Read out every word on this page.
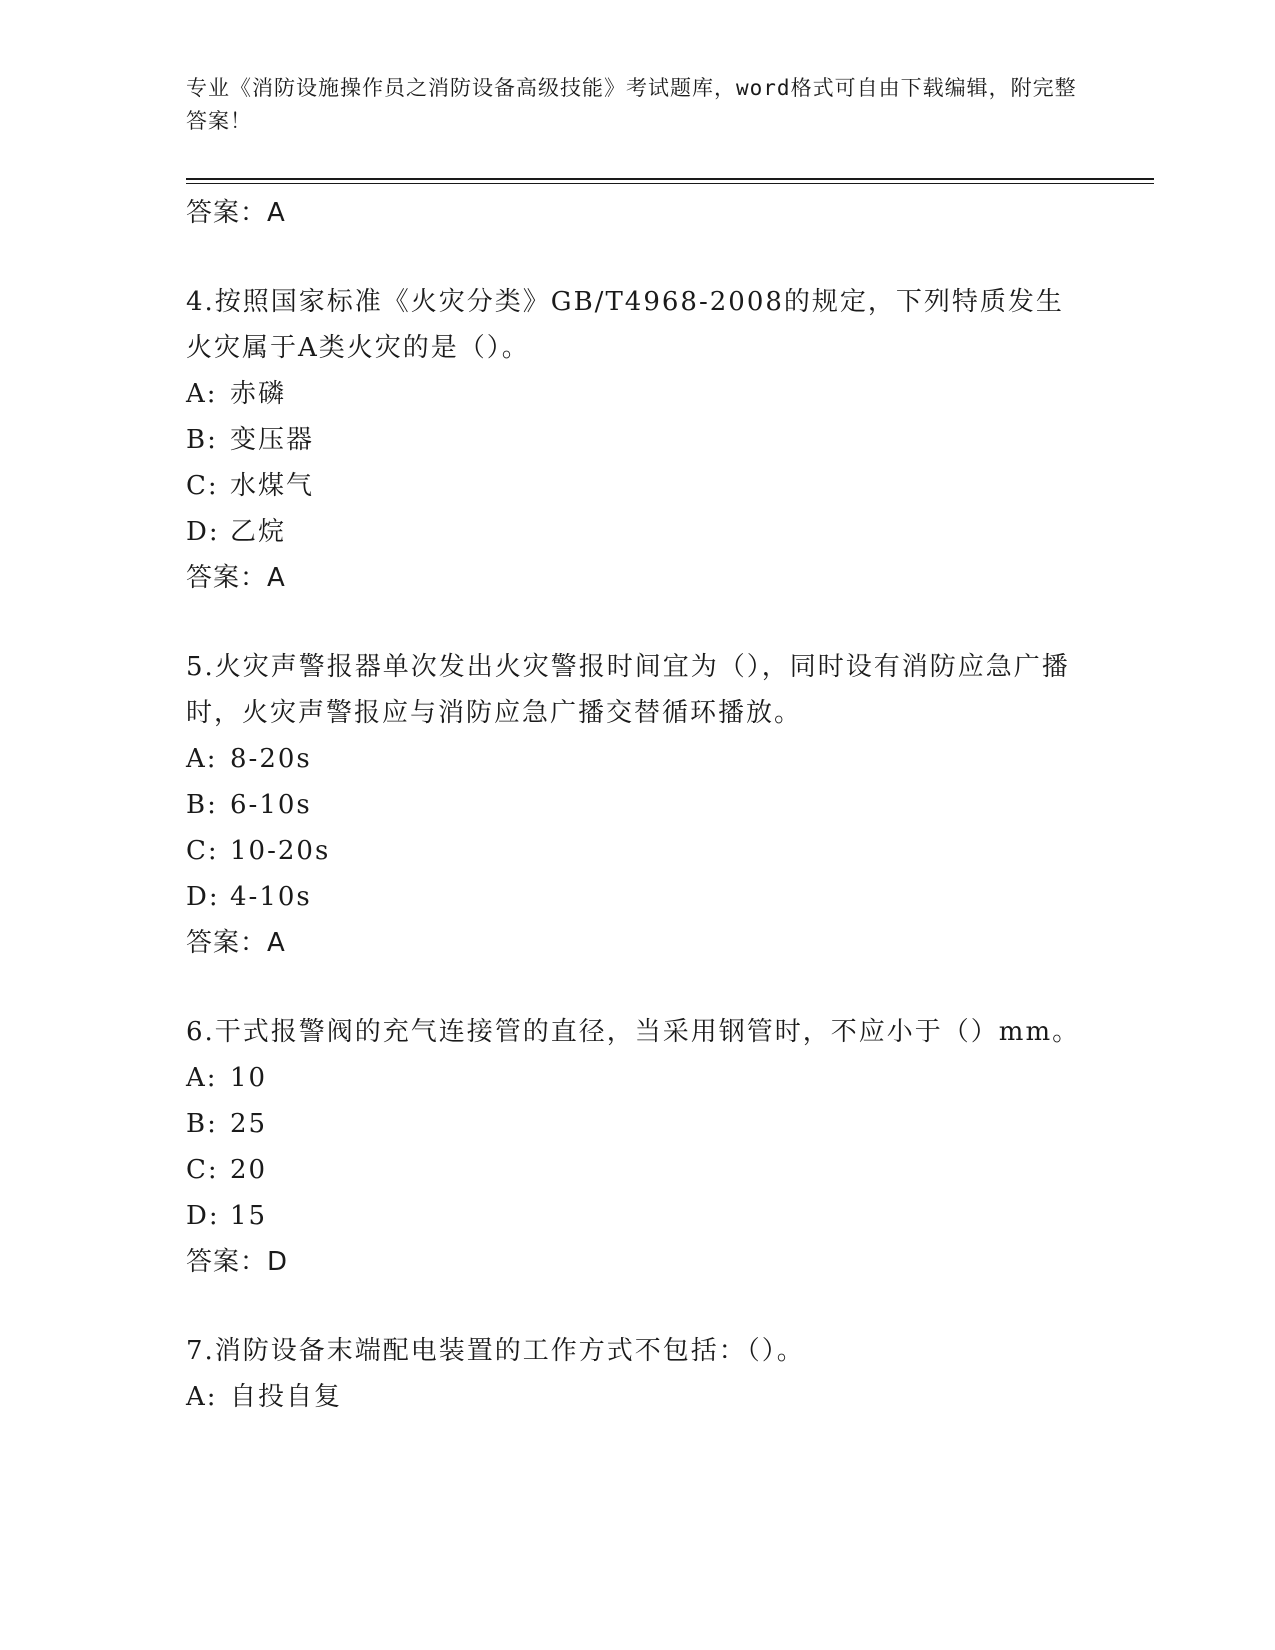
专业《消防设施操作员之消防设备高级技能》考试题库，word格式可自由下载编辑，附完整答案！
答案：A
4.按照国家标准《火灾分类》GB/T4968-2008的规定，下列特质发生火灾属于A类火灾的是（）。
A: 赤磷
B: 变压器
C: 水煤气
D: 乙烷
答案：A
5.火灾声警报器单次发出火灾警报时间宜为（），同时设有消防应急广播时，火灾声警报应与消防应急广播交替循环播放。
A: 8-20s
B: 6-10s
C: 10-20s
D: 4-10s
答案：A
6.干式报警阀的充气连接管的直径，当采用钢管时，不应小于（）mm。
A: 10
B: 25
C: 20
D: 15
答案：D
7.消防设备末端配电装置的工作方式不包括：（）。
A: 自投自复
